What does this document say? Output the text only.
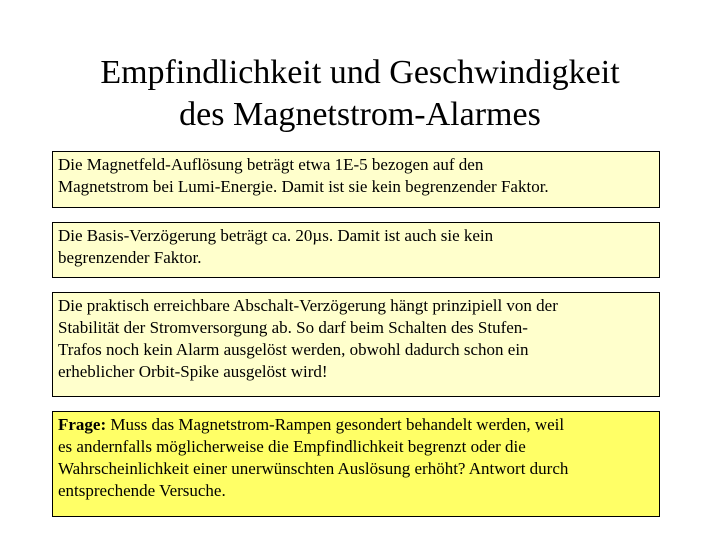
Empfindlichkeit und Geschwindigkeit
des Magnetstrom-Alarmes
Die Magnetfeld-Auflösung beträgt etwa 1E-5 bezogen auf den
Magnetstrom bei Lumi-Energie. Damit ist sie kein begrenzender Faktor.
Die Basis-Verzögerung beträgt ca. 20µs. Damit ist auch sie kein
begrenzender Faktor.
Die praktisch erreichbare Abschalt-Verzögerung hängt prinzipiell von der
Stabilität der Stromversorgung ab. So darf beim Schalten des Stufen-
Trafos noch kein Alarm ausgelöst werden, obwohl dadurch schon ein
erheblicher Orbit-Spike ausgelöst wird!
Frage: Muss das Magnetstrom-Rampen gesondert behandelt werden, weil
es andernfalls möglicherweise die Empfindlichkeit begrenzt oder die
Wahrscheinlichkeit einer unerwünschten Auslösung erhöht? Antwort durch
entsprechende Versuche.
